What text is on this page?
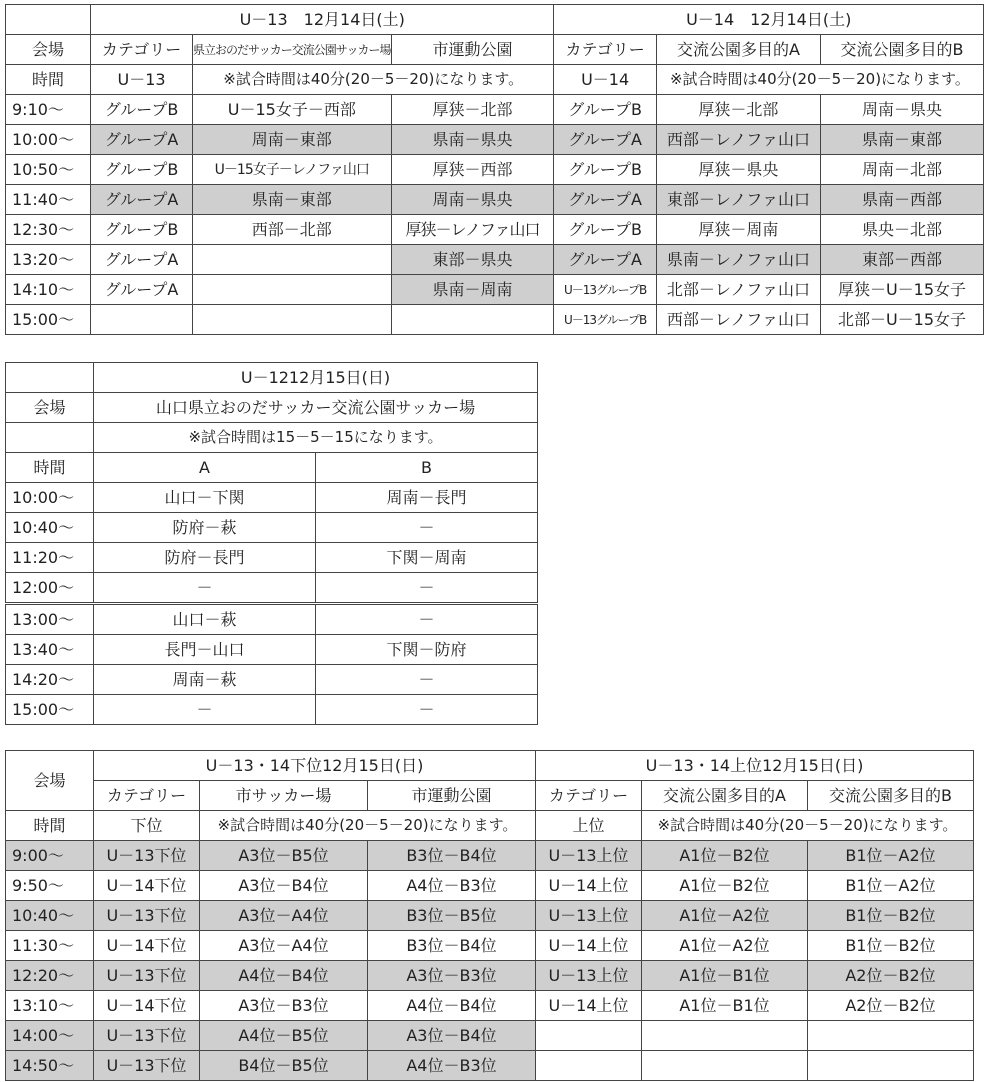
	U－13　12月14日(土)			U－14　12月14日(土)		
会場	カテゴリー	県立おのだサッカー交流公園サッカー場	市運動公園	カテゴリー	交流公園多目的A	交流公園多目的B
時間	U－13	※試合時間は40分(20－5－20)になります。		U－14	※試合時間は40分(20－5－20)になります。	
9:10～	グループB	U－15女子－西部	厚狭－北部	グループB	厚狭－北部	周南－県央
10:00～	グループA	周南－東部	県南－県央	グループA	西部－レノファ山口	県南－東部
10:50～	グループB	U－15女子－レノファ山口	厚狭－西部	グループB	厚狭－県央	周南－北部
11:40～	グループA	県南－東部	周南－県央	グループA	東部－レノファ山口	県南－西部
12:30～	グループB	西部－北部	厚狭－レノファ山口	グループB	厚狭－周南	県央－北部
13:20～	グループA		東部－県央	グループA	県南－レノファ山口	東部－西部
14:10～	グループA		県南－周南	U－13グループB	北部－レノファ山口	厚狭－U－15女子
15:00～				U－13グループB	西部－レノファ山口	北部－U－15女子
	U－1212月15日(日)	
会場	山口県立おのだサッカー交流公園サッカー場	
	※試合時間は15－5－15になります。	
時間	A	B
10:00～	山口－下関	周南－長門
10:40～	防府－萩	－
11:20～	防府－長門	下関－周南
12:00～	－	－
13:00～	山口－萩	－
13:40～	長門－山口	下関－防府
14:20～	周南－萩	－
15:00～	－	－
会場	U－13・14下位12月15日(日)			U－13・14上位12月15日(日)		
	カテゴリー	市サッカー場	市運動公園	カテゴリー	交流公園多目的A	交流公園多目的B
時間	下位	※試合時間は40分(20－5－20)になります。		上位	※試合時間は40分(20－5－20)になります。	
9:00～	U－13下位	A3位－B5位	B3位－B4位	U－13上位	A1位－B2位	B1位－A2位
9:50～	U－14下位	A3位－B4位	A4位－B3位	U－14上位	A1位－B2位	B1位－A2位
10:40～	U－13下位	A3位－A4位	B3位－B5位	U－13上位	A1位－A2位	B1位－B2位
11:30～	U－14下位	A3位－A4位	B3位－B4位	U－14上位	A1位－A2位	B1位－B2位
12:20～	U－13下位	A4位－B4位	A3位－B3位	U－13上位	A1位－B1位	A2位－B2位
13:10～	U－14下位	A3位－B3位	A4位－B4位	U－14上位	A1位－B1位	A2位－B2位
14:00～	U－13下位	A4位－B5位	A3位－B4位			
14:50～	U－13下位	B4位－B5位	A4位－B3位			
